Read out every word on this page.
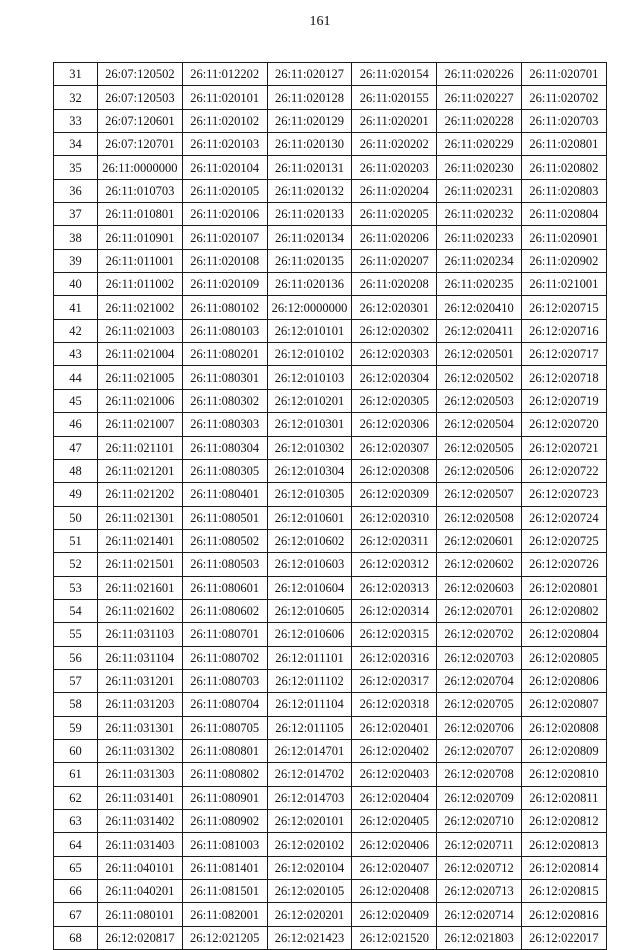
161
31	26:07:120502	26:11:012202	26:11:020127	26:11:020154	26:11:020226	26:11:020701
32	26:07:120503	26:11:020101	26:11:020128	26:11:020155	26:11:020227	26:11:020702
33	26:07:120601	26:11:020102	26:11:020129	26:11:020201	26:11:020228	26:11:020703
34	26:07:120701	26:11:020103	26:11:020130	26:11:020202	26:11:020229	26:11:020801
35	26:11:0000000	26:11:020104	26:11:020131	26:11:020203	26:11:020230	26:11:020802
36	26:11:010703	26:11:020105	26:11:020132	26:11:020204	26:11:020231	26:11:020803
37	26:11:010801	26:11:020106	26:11:020133	26:11:020205	26:11:020232	26:11:020804
38	26:11:010901	26:11:020107	26:11:020134	26:11:020206	26:11:020233	26:11:020901
39	26:11:011001	26:11:020108	26:11:020135	26:11:020207	26:11:020234	26:11:020902
40	26:11:011002	26:11:020109	26:11:020136	26:11:020208	26:11:020235	26:11:021001
41	26:11:021002	26:11:080102	26:12:0000000	26:12:020301	26:12:020410	26:12:020715
42	26:11:021003	26:11:080103	26:12:010101	26:12:020302	26:12:020411	26:12:020716
43	26:11:021004	26:11:080201	26:12:010102	26:12:020303	26:12:020501	26:12:020717
44	26:11:021005	26:11:080301	26:12:010103	26:12:020304	26:12:020502	26:12:020718
45	26:11:021006	26:11:080302	26:12:010201	26:12:020305	26:12:020503	26:12:020719
46	26:11:021007	26:11:080303	26:12:010301	26:12:020306	26:12:020504	26:12:020720
47	26:11:021101	26:11:080304	26:12:010302	26:12:020307	26:12:020505	26:12:020721
48	26:11:021201	26:11:080305	26:12:010304	26:12:020308	26:12:020506	26:12:020722
49	26:11:021202	26:11:080401	26:12:010305	26:12:020309	26:12:020507	26:12:020723
50	26:11:021301	26:11:080501	26:12:010601	26:12:020310	26:12:020508	26:12:020724
51	26:11:021401	26:11:080502	26:12:010602	26:12:020311	26:12:020601	26:12:020725
52	26:11:021501	26:11:080503	26:12:010603	26:12:020312	26:12:020602	26:12:020726
53	26:11:021601	26:11:080601	26:12:010604	26:12:020313	26:12:020603	26:12:020801
54	26:11:021602	26:11:080602	26:12:010605	26:12:020314	26:12:020701	26:12:020802
55	26:11:031103	26:11:080701	26:12:010606	26:12:020315	26:12:020702	26:12:020804
56	26:11:031104	26:11:080702	26:12:011101	26:12:020316	26:12:020703	26:12:020805
57	26:11:031201	26:11:080703	26:12:011102	26:12:020317	26:12:020704	26:12:020806
58	26:11:031203	26:11:080704	26:12:011104	26:12:020318	26:12:020705	26:12:020807
59	26:11:031301	26:11:080705	26:12:011105	26:12:020401	26:12:020706	26:12:020808
60	26:11:031302	26:11:080801	26:12:014701	26:12:020402	26:12:020707	26:12:020809
61	26:11:031303	26:11:080802	26:12:014702	26:12:020403	26:12:020708	26:12:020810
62	26:11:031401	26:11:080901	26:12:014703	26:12:020404	26:12:020709	26:12:020811
63	26:11:031402	26:11:080902	26:12:020101	26:12:020405	26:12:020710	26:12:020812
64	26:11:031403	26:11:081003	26:12:020102	26:12:020406	26:12:020711	26:12:020813
65	26:11:040101	26:11:081401	26:12:020104	26:12:020407	26:12:020712	26:12:020814
66	26:11:040201	26:11:081501	26:12:020105	26:12:020408	26:12:020713	26:12:020815
67	26:11:080101	26:11:082001	26:12:020201	26:12:020409	26:12:020714	26:12:020816
68	26:12:020817	26:12:021205	26:12:021423	26:12:021520	26:12:021803	26:12:022017
